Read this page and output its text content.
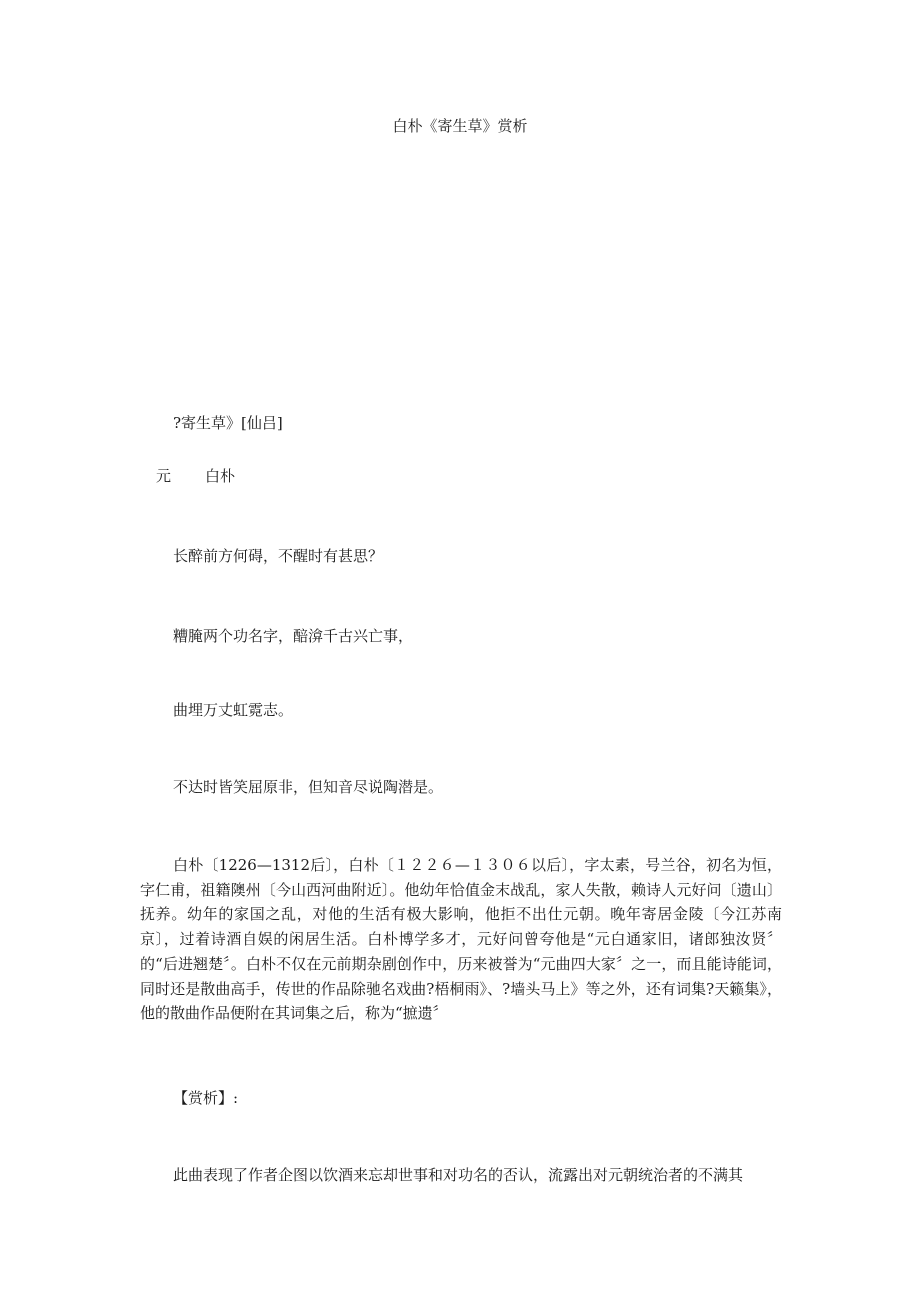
白朴《寄生草》赏析
?寄生草》[仙吕]
元 白朴
长醉前方何碍，不醒时有甚思？
糟腌两个功名字，醅渰千古兴亡事，
曲埋万丈虹霓志。
不达时皆笑屈原非，但知音尽说陶潜是。

白朴〔1226—1312后〕，白朴〔１２２６—１３０６以后〕，字太素，号兰谷，初名为恒，字仁甫，祖籍隩州〔今山西河曲附近〕。他幼年恰值金末战乱，家人失散，赖诗人元好问〔遗山〕抚养。幼年的家国之乱，对他的生活有极大影响，他拒不出仕元朝。晚年寄居金陵〔今江苏南京〕，过着诗酒自娱的闲居生活。白朴博学多才，元好问曾夸他是“元白通家旧，诸郎独汝贤〞的“后进翘楚〞。白朴不仅在元前期杂剧创作中，历来被誉为“元曲四大家〞之一，而且能诗能词，同时还是散曲高手，传世的作品除驰名戏曲?梧桐雨》、?墙头马上》等之外，还有词集?天籁集》，他的散曲作品便附在其词集之后，称为“摭遗〞

【赏析】:
此曲表现了作者企图以饮酒来忘却世事和对功名的否认，流露出对元朝统治者的不满其
